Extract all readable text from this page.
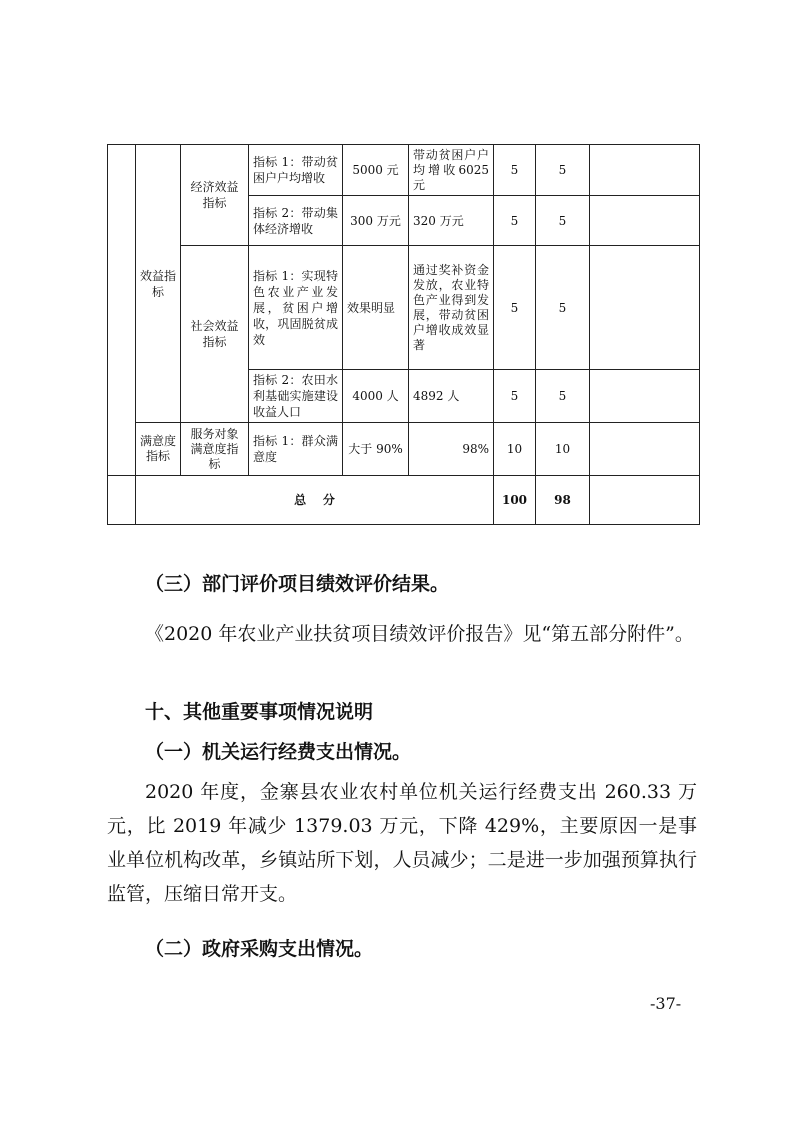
	效益指标	经济效益指标	指标 1：带动贫困户户均增收	5000 元	带动贫困户户均增收6025元	5	5	
			指标 2：带动集体经济增收	300 万元	320 万元	5	5	
		社会效益指标	指标 1：实现特色农业产业发展，贫困户增收，巩固脱贫成效	效果明显	通过奖补资金发放，农业特色产业得到发展，带动贫困户增收成效显著	5	5	
			指标 2：农田水利基础实施建设收益人口	4000 人	4892 人	5	5	
	满意度指标	服务对象满意度指标	指标 1：群众满意度	大于 90%	98%	10	10	
	总    分					100	98	

（三）部门评价项目绩效评价结果。

《2020 年农业产业扶贫项目绩效评价报告》见“第五部分附件”。

十、其他重要事项情况说明

（一）机关运行经费支出情况。

2020 年度，金寨县农业农村单位机关运行经费支出 260.33 万元，比 2019 年减少 1379.03 万元，下降 429%，主要原因一是事业单位机构改革，乡镇站所下划，人员减少；二是进一步加强预算执行监管，压缩日常开支。

（二）政府采购支出情况。

-37-
